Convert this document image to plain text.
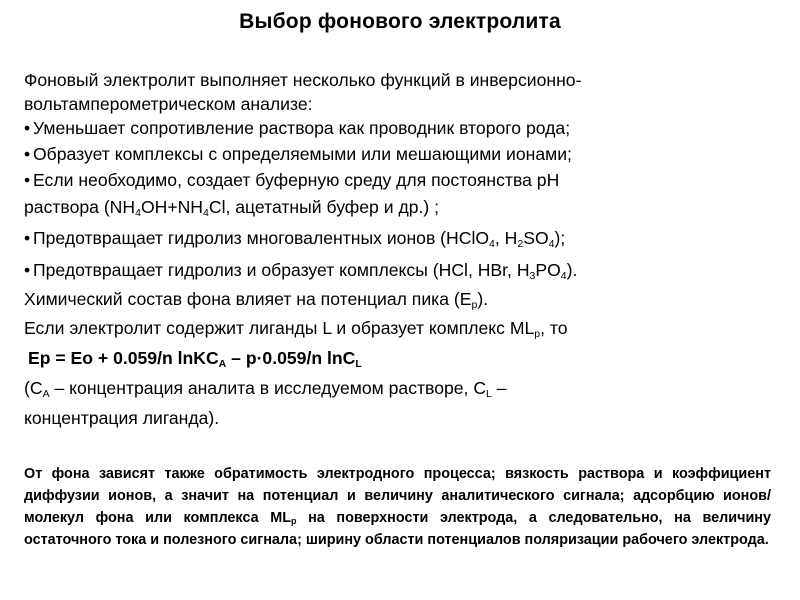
Выбор фонового электролита
Фоновый электролит выполняет несколько функций в инверсионно-
вольтамперометрическом анализе:
• Уменьшает сопротивление раствора как проводник второго рода;
• Образует комплексы с определяемыми или мешающими ионами;
• Если необходимо, создает буферную среду для постоянства рН
раствора ($NH_4OH+NH_4Cl$, ацетатный буфер и др.) ;
• Предотвращает гидролиз многовалентных ионов (HClO$_4$, $H_2SO_4$);
• Предотвращает гидролиз и образует комплексы (HCl, HBr, $H_3PO_4$).
Химический состав фона влияет на потенциал пика $(E_p)$.
Если электролит содержит лиганды L и образует комплекс $ML_p$, то
Ep = Eo + 0.059/n lnKC$_A$ – p·0.059/n lnC$_L$
($C_A$ – концентрация аналита в исследуемом растворе, $C_L$ –
концентрация лиганда).
От фона зависят также обратимость электродного процесса; вязкость раствора и коэффициент диффузии ионов, а значит на потенциал и величину аналитического сигнала; адсорбцию ионов/молекул фона или комплекса $ML_p$ на поверхности электрода, а следовательно, на величину остаточного тока и полезного сигнала; ширину области потенциалов поляризации рабочего электрода.
